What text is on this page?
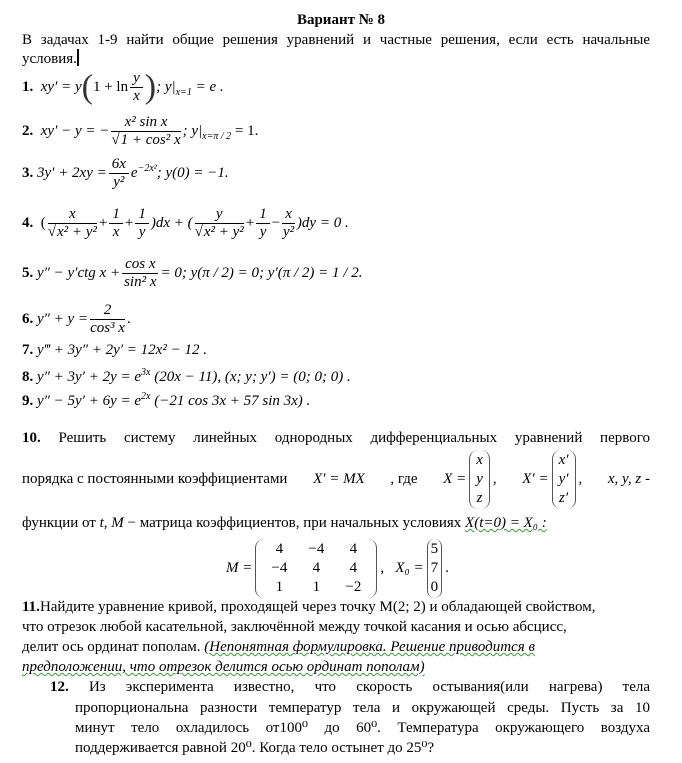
Вариант № 8
В задачах 1-9 найти общие решения уравнений и частные решения, если есть начальные
условия.
1. $xy' = y(1 + \ln \frac{y}{x}$ ); $y|_{x=1} = e$ .
2. xy′ − y = − $\frac{\text{x² sin x}}{\text{√1 + cos² x}}$ ; $y|_{x=\pi / 2} = 1$.
3. $3y' + 2xy = \frac{6x}{\text{y²}} e^{-2x^2}$; y(0) = −1.
4. ( $\frac{x}{\text{√x² + y²}} + \frac{1}{x} + \frac{1}{y} )dx$ + ( $\frac{y}{\text{√x² + y²}} + \frac{1}{y} - \frac{x}{\text{y²}} )dy = 0$ .
5. y″ − y′ctg $x + \frac{\text{cos x}}{\text{sin² x}} = 0$; y(π / 2) = 0; y′(π / 2) = 1 / 2.
6. $y'' + y = \frac{2}{\text{cos³ x}}$ .
7. y‴ + 3y″ + 2y′ = 12x² − 12 .
8. $y'' + 3y' + 2y = e^{3x}$ (20x − 11), (x; y; y′) = (0; 0; 0) .
9. $y'' - 5y' + 6y = e^{2x}$ (−21 cos 3x + 57 sin 3x) .
10. Решить систему линейных однородных дифференциальных уравнений первого
порядка с постоянными коэффициентами X′ = MX , где X =
x
y
z
, X′ =
x′
y′
z′
, x, y, z -
функции от t, M − матрица коэффициентов, при начальных условиях X(t=0) = X₀ :
M =
4	−4	4
−4	4	4
1	1	−2
,   X₀ =
5
7
0
.
11.Найдите уравнение кривой, проходящей через точку М(2; 2) и обладающей свойством,
что отрезок любой касательной, заключённой между точкой касания и осью абсцисс,
делит ось ординат пополам. (Непонятная формулировка. Решение приводится в
предположении, что отрезок делится осью ординат пополам)
12. Из эксперимента известно, что скорость остывания(или нагрева) тела
пропорциональна разности температур тела и окружающей среды. Пусть за 10
минут тело охладилось от100⁰ до 60⁰. Температура окружающего воздуха
поддерживается равной 20⁰. Когда тело остынет до 25⁰?
